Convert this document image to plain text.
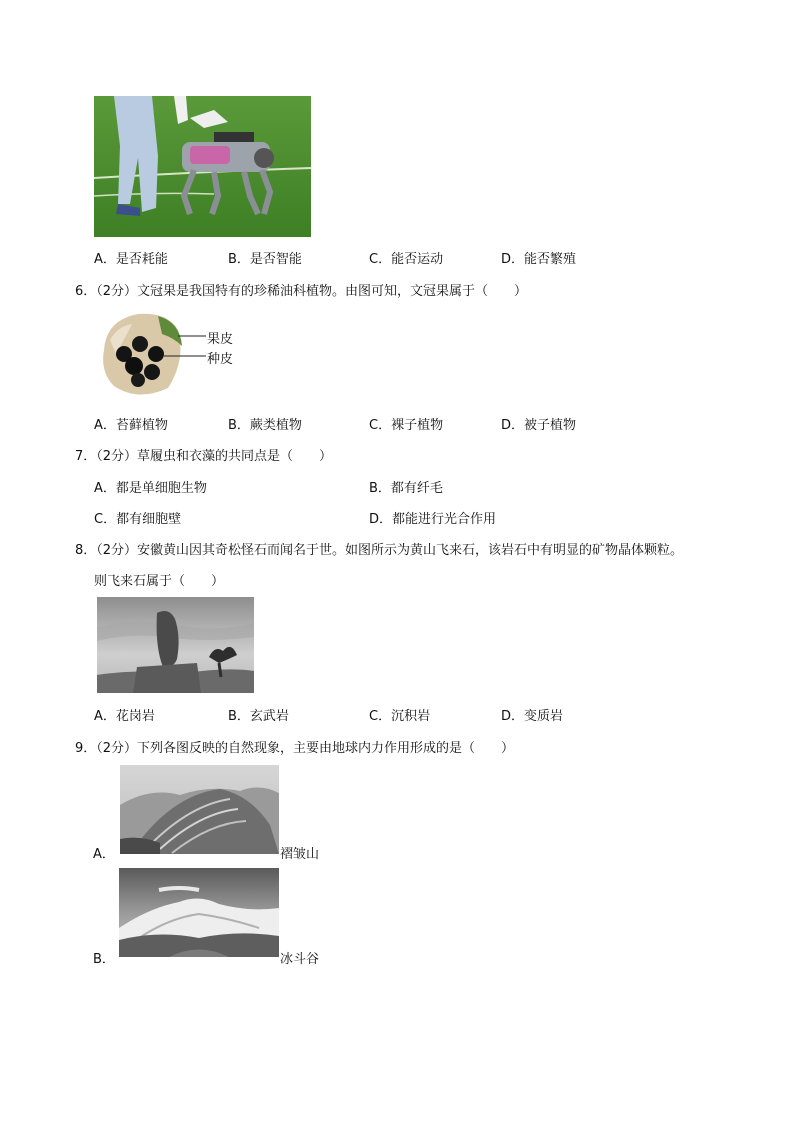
A．是否耗能	B．是否智能	C．能否运动	D．能否繁殖
6．（2分）文冠果是我国特有的珍稀油科植物。由图可知，文冠果属于（　　）
果皮
种皮
A．苔藓植物	B．蕨类植物	C．裸子植物	D．被子植物
7．（2分）草履虫和衣藻的共同点是（　　）
A．都是单细胞生物	B．都有纤毛
C．都有细胞壁	D．都能进行光合作用
8．（2分）安徽黄山因其奇松怪石而闻名于世。如图所示为黄山飞来石，该岩石中有明显的矿物晶体颗粒。
则飞来石属于（　　）
A．花岗岩	B．玄武岩	C．沉积岩	D．变质岩
9．（2分）下列各图反映的自然现象，主要由地球内力作用形成的是（　　）
A．	褶皱山
B．	冰斗谷
